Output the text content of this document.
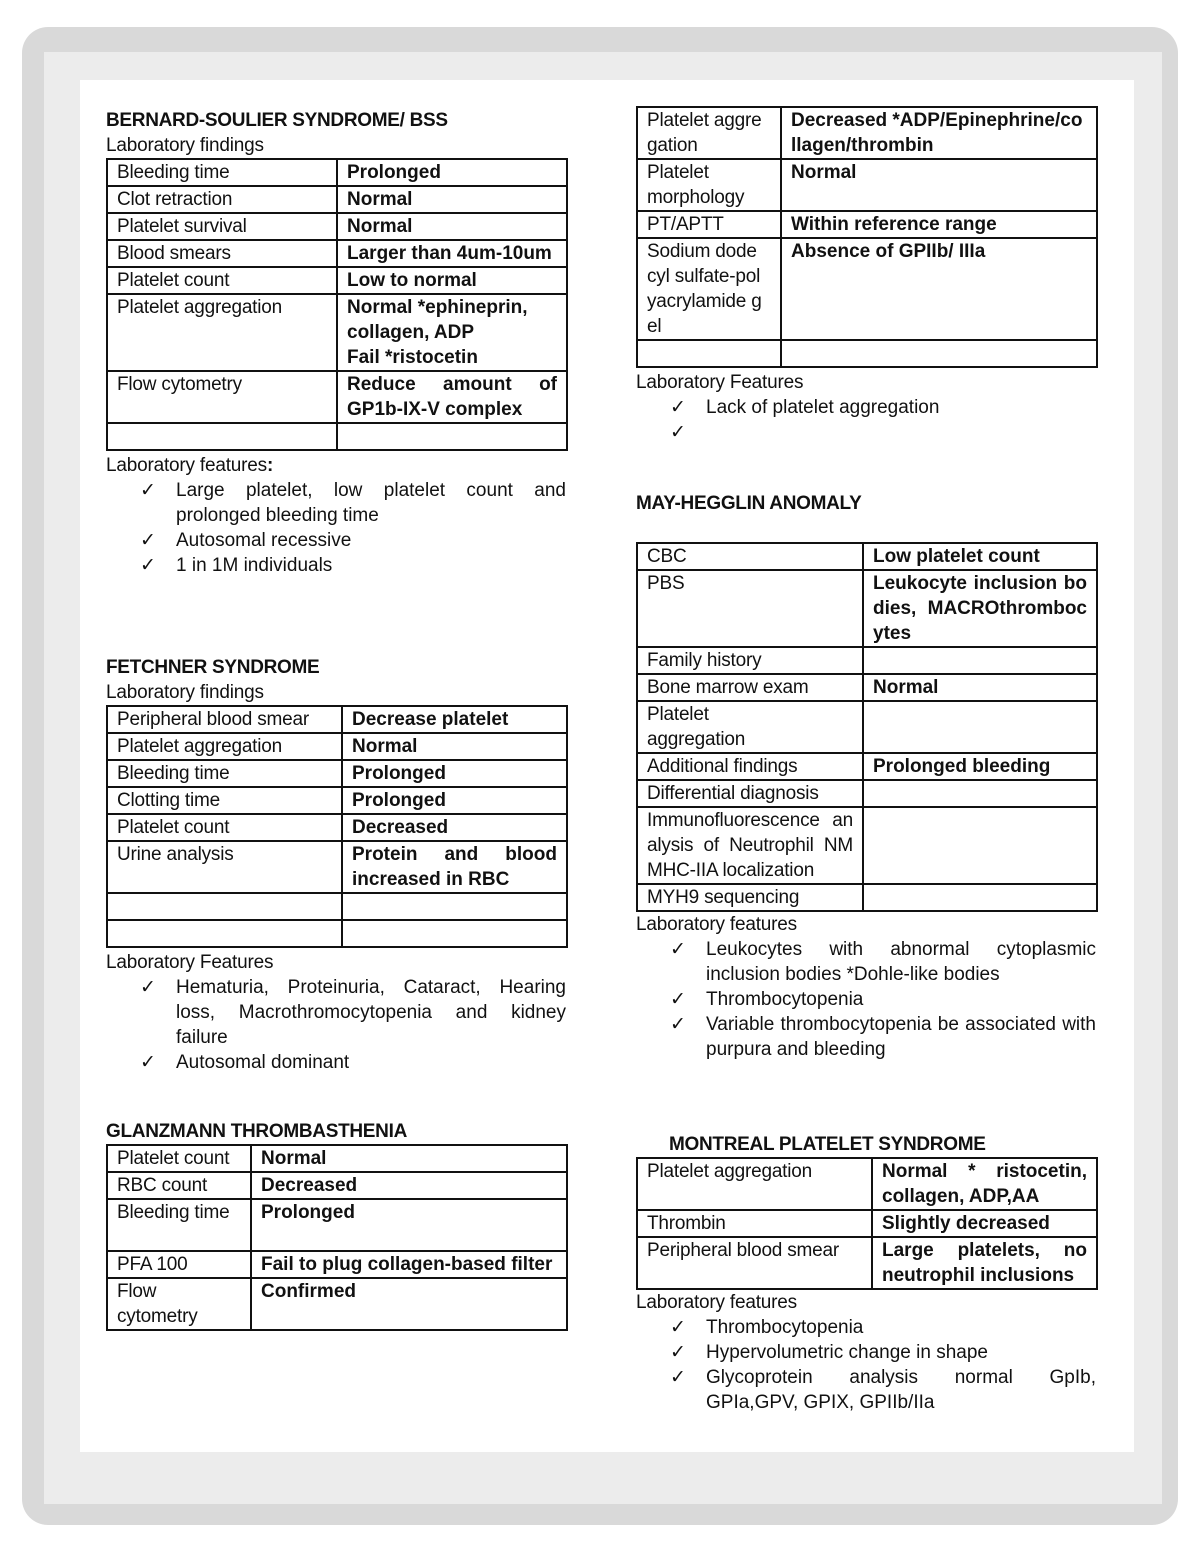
BERNARD-SOULIER SYNDROME/ BSS
Laboratory findings
Bleeding time	Prolonged
Clot retraction	Normal
Platelet survival	Normal
Blood smears	Larger than 4um-10um
Platelet count	Low to normal
Platelet aggregation	Normal *ephineprin, collagen, ADP
Fail *ristocetin

Flow cytometry	Reduce amount of GP1b-IX-V complex

Laboratory features:
✓ Large platelet, low platelet count and prolonged bleeding time
✓ Autosomal recessive
✓ 1 in 1M individuals
FETCHNER SYNDROME
Laboratory findings
Peripheral blood smear	Decrease platelet
Platelet aggregation	Normal
Bleeding time	Prolonged
Clotting time	Prolonged
Platelet count	Decreased
Urine analysis	Protein and blood increased in RBC

Laboratory Features
✓ Hematuria, Proteinuria, Cataract, Hearing loss, Macrothromocytopenia and kidney failure
✓ Autosomal dominant
GLANZMANN THROMBASTHENIA
Platelet count	Normal
RBC count	Decreased
Bleeding time	Prolonged
PFA 100	Fail to plug collagen-based filter
Flow cytometry	Confirmed
Platelet aggregation	Decreased *ADP/Epinephrine/collagen/thrombin
Platelet morphology	Normal
PT/APTT	Within reference range
Sodium dodecyl sulfate-polyacrylamide gel	Absence of GPIIb/ IIIa

Laboratory Features
✓ Lack of platelet aggregation
✓
MAY-HEGGLIN ANOMALY
CBC	Low platelet count
PBS	Leukocyte inclusion bodies, MACROthrombocytes
Family history	
Bone marrow exam	Normal
Platelet aggregation	
Additional findings	Prolonged bleeding
Differential diagnosis	
Immunofluorescence analysis of Neutrophil NMMHC-IIA localization	
MYH9 sequencing	
Laboratory features
✓ Leukocytes with abnormal cytoplasmic inclusion bodies *Dohle-like bodies
✓ Thrombocytopenia
✓ Variable thrombocytopenia be associated with purpura and bleeding
MONTREAL PLATELET SYNDROME
Platelet aggregation	Normal * ristocetin, collagen, ADP,AA
Thrombin	Slightly decreased
Peripheral blood smear	Large platelets, no neutrophil inclusions
Laboratory features
✓ Thrombocytopenia
✓ Hypervolumetric change in shape
✓ Glycoprotein analysis normal GpIb, GPIa,GPV, GPIX, GPIIb/IIa
